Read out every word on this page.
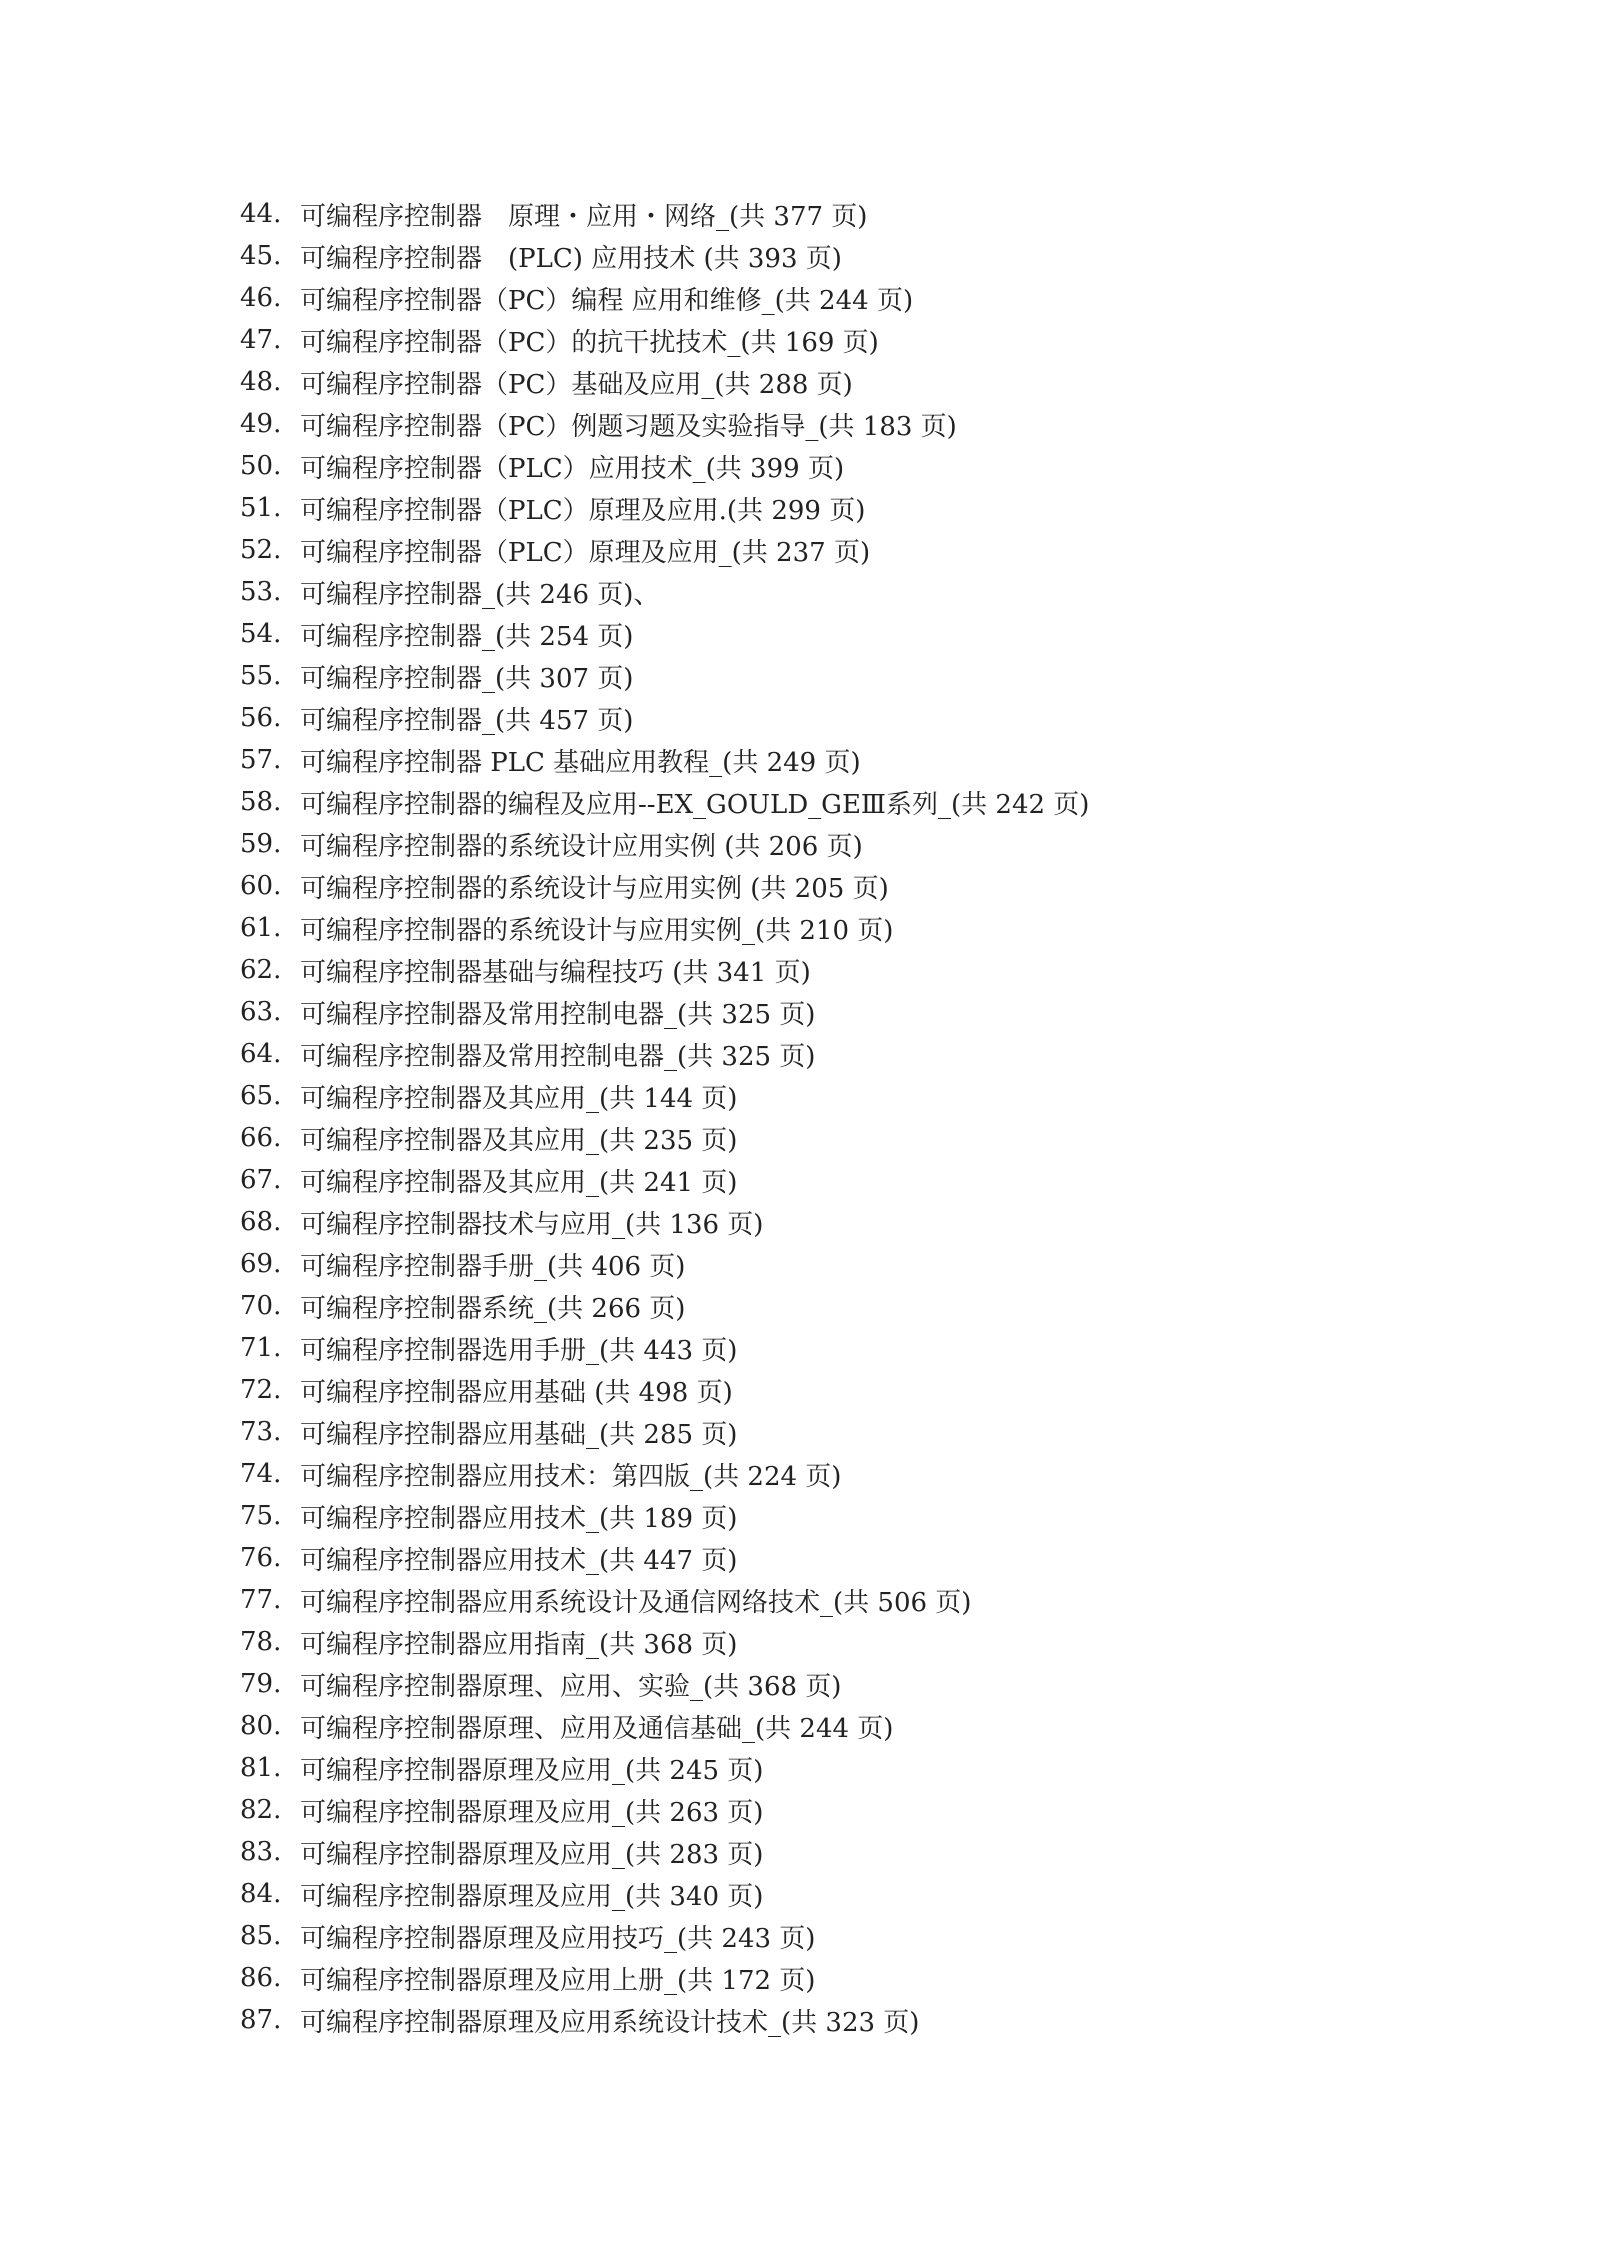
44. 可编程序控制器　原理・应用・网络_(共 377 页)
45. 可编程序控制器　(PLC) 应用技术 (共 393 页)
46. 可编程序控制器（PC）编程 应用和维修_(共 244 页)
47. 可编程序控制器（PC）的抗干扰技术_(共 169 页)
48. 可编程序控制器（PC）基础及应用_(共 288 页)
49. 可编程序控制器（PC）例题习题及实验指导_(共 183 页)
50. 可编程序控制器（PLC）应用技术_(共 399 页)
51. 可编程序控制器（PLC）原理及应用.(共 299 页)
52. 可编程序控制器（PLC）原理及应用_(共 237 页)
53. 可编程序控制器_(共 246 页)、
54. 可编程序控制器_(共 254 页)
55. 可编程序控制器_(共 307 页)
56. 可编程序控制器_(共 457 页)
57. 可编程序控制器 PLC 基础应用教程_(共 249 页)
58. 可编程序控制器的编程及应用--EX_GOULD_GEⅢ系列_(共 242 页)
59. 可编程序控制器的系统设计应用实例 (共 206 页)
60. 可编程序控制器的系统设计与应用实例 (共 205 页)
61. 可编程序控制器的系统设计与应用实例_(共 210 页)
62. 可编程序控制器基础与编程技巧 (共 341 页)
63. 可编程序控制器及常用控制电器_(共 325 页)
64. 可编程序控制器及常用控制电器_(共 325 页)
65. 可编程序控制器及其应用_(共 144 页)
66. 可编程序控制器及其应用_(共 235 页)
67. 可编程序控制器及其应用_(共 241 页)
68. 可编程序控制器技术与应用_(共 136 页)
69. 可编程序控制器手册_(共 406 页)
70. 可编程序控制器系统_(共 266 页)
71. 可编程序控制器选用手册_(共 443 页)
72. 可编程序控制器应用基础 (共 498 页)
73. 可编程序控制器应用基础_(共 285 页)
74. 可编程序控制器应用技术：第四版_(共 224 页)
75. 可编程序控制器应用技术_(共 189 页)
76. 可编程序控制器应用技术_(共 447 页)
77. 可编程序控制器应用系统设计及通信网络技术_(共 506 页)
78. 可编程序控制器应用指南_(共 368 页)
79. 可编程序控制器原理、应用、实验_(共 368 页)
80. 可编程序控制器原理、应用及通信基础_(共 244 页)
81. 可编程序控制器原理及应用_(共 245 页)
82. 可编程序控制器原理及应用_(共 263 页)
83. 可编程序控制器原理及应用_(共 283 页)
84. 可编程序控制器原理及应用_(共 340 页)
85. 可编程序控制器原理及应用技巧_(共 243 页)
86. 可编程序控制器原理及应用上册_(共 172 页)
87. 可编程序控制器原理及应用系统设计技术_(共 323 页)
